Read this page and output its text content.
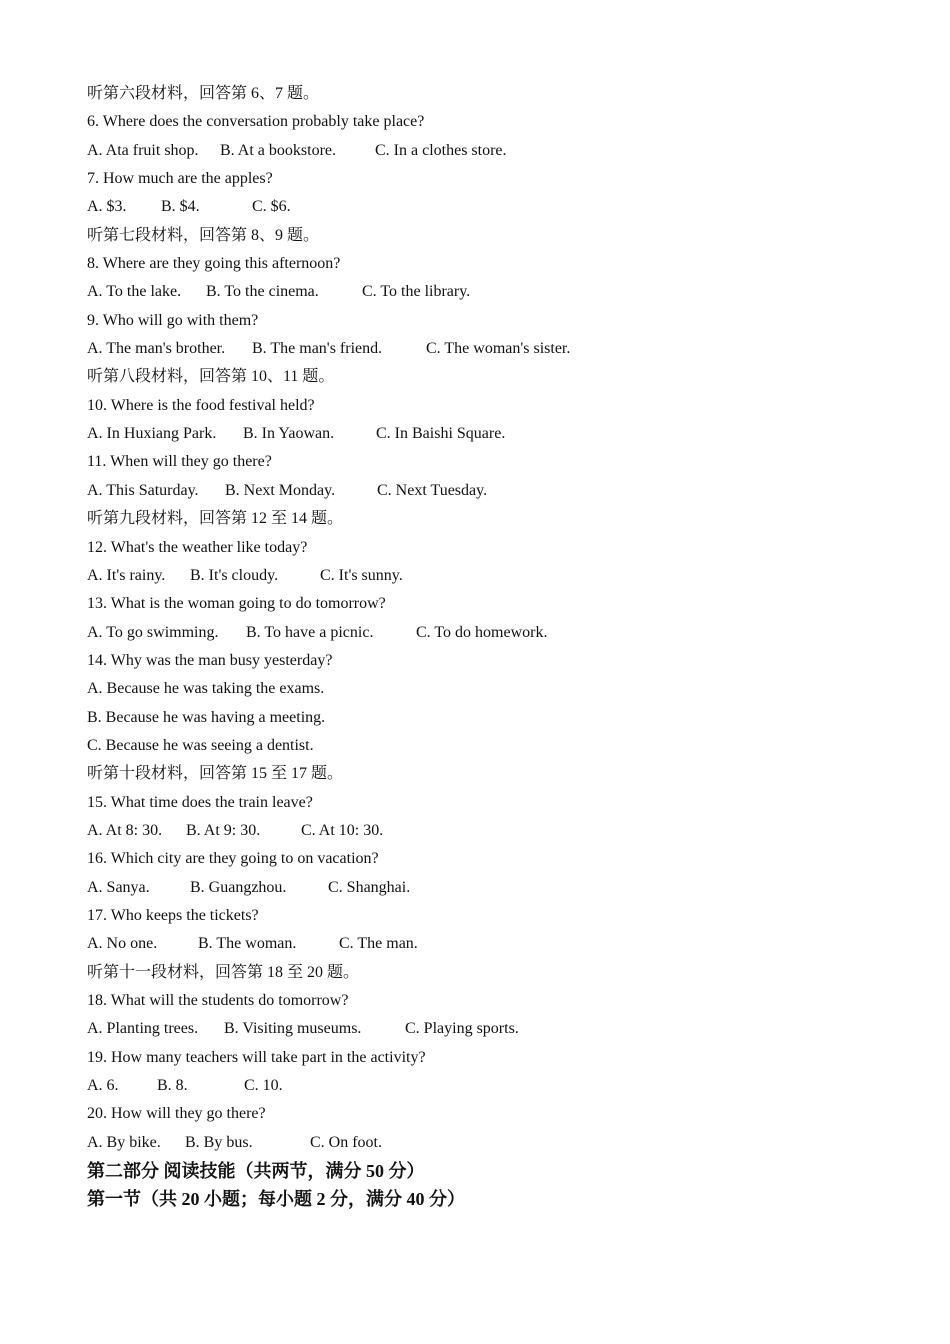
听第六段材料，回答第 6、7 题。
6. Where does the conversation probably take place?
A. Ata fruit shop. B. At a bookstore. C. In a clothes store.
7. How much are the apples?
A. $3. B. $4.	C. $6.
听第七段材料，回答第 8、9 题。
8. Where are they going this afternoon?
A. To the lake. B. To the cinema.	C. To the library.
9. Who will go with them?
A. The man's brother. B. The man's friend.	C. The woman's sister.
听第八段材料，回答第 10、11 题。
10. Where is the food festival held?
A. In Huxiang Park. B. In Yaowan.	C. In Baishi Square.
11. When will they go there?
A. This Saturday. B. Next Monday.	C. Next Tuesday.
听第九段材料，回答第 12 至 14 题。
12. What's the weather like today?
A. It's rainy. B. It's cloudy.	C. It's sunny.
13. What is the woman going to do tomorrow?
A. To go swimming. B. To have a picnic.	C. To do homework.
14. Why was the man busy yesterday?
A. Because he was taking the exams.
B. Because he was having a meeting.
C. Because he was seeing a dentist.
听第十段材料，回答第 15 至 17 题。
15. What time does the train leave?
A. At 8: 30. B. At 9: 30.	C. At 10: 30.
16. Which city are they going to on vacation?
A. Sanya.	B. Guangzhou.	C. Shanghai.
17. Who keeps the tickets?
A. No one.	B. The woman.	C. The man.
听第十一段材料，回答第 18 至 20 题。
18. What will the students do tomorrow?
A. Planting trees. B. Visiting museums.	C. Playing sports.
19. How many teachers will take part in the activity?
A. 6. B. 8.	C. 10.
20. How will they go there?
A. By bike. B. By bus.	C. On foot.
第二部分 阅读技能（共两节，满分 50 分）
第一节（共 20 小题；每小题 2 分，满分 40 分）
